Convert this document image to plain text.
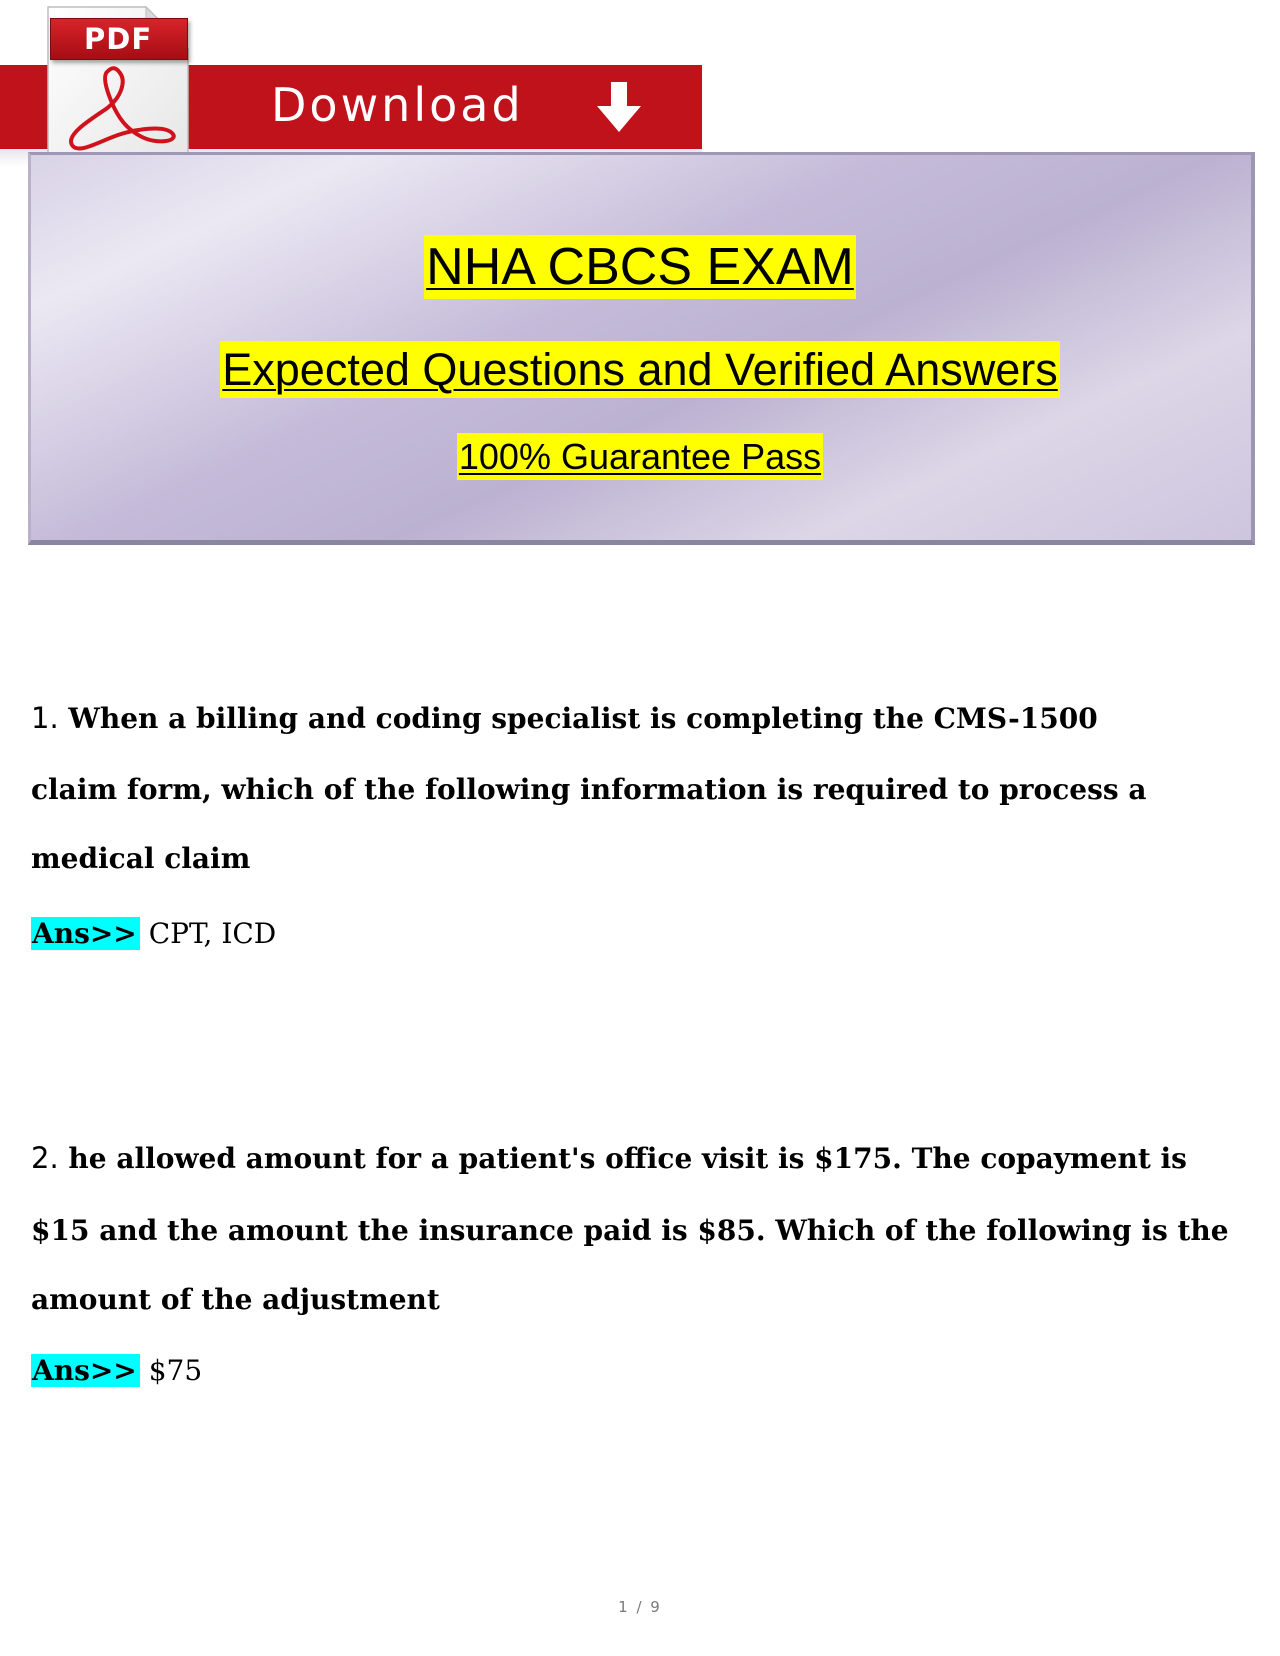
Download
PDF
NHA CBCS EXAM
Expected Questions and Verified Answers
100% Guarantee Pass
1. When a billing and coding specialist is completing the CMS-1500
claim form, which of the following information is required to process a
medical claim
Ans>> CPT, ICD
2. he allowed amount for a patient's office visit is $175. The copayment is
$15 and the amount the insurance paid is $85. Which of the following is the
amount of the adjustment
Ans>> $75
1 / 9
